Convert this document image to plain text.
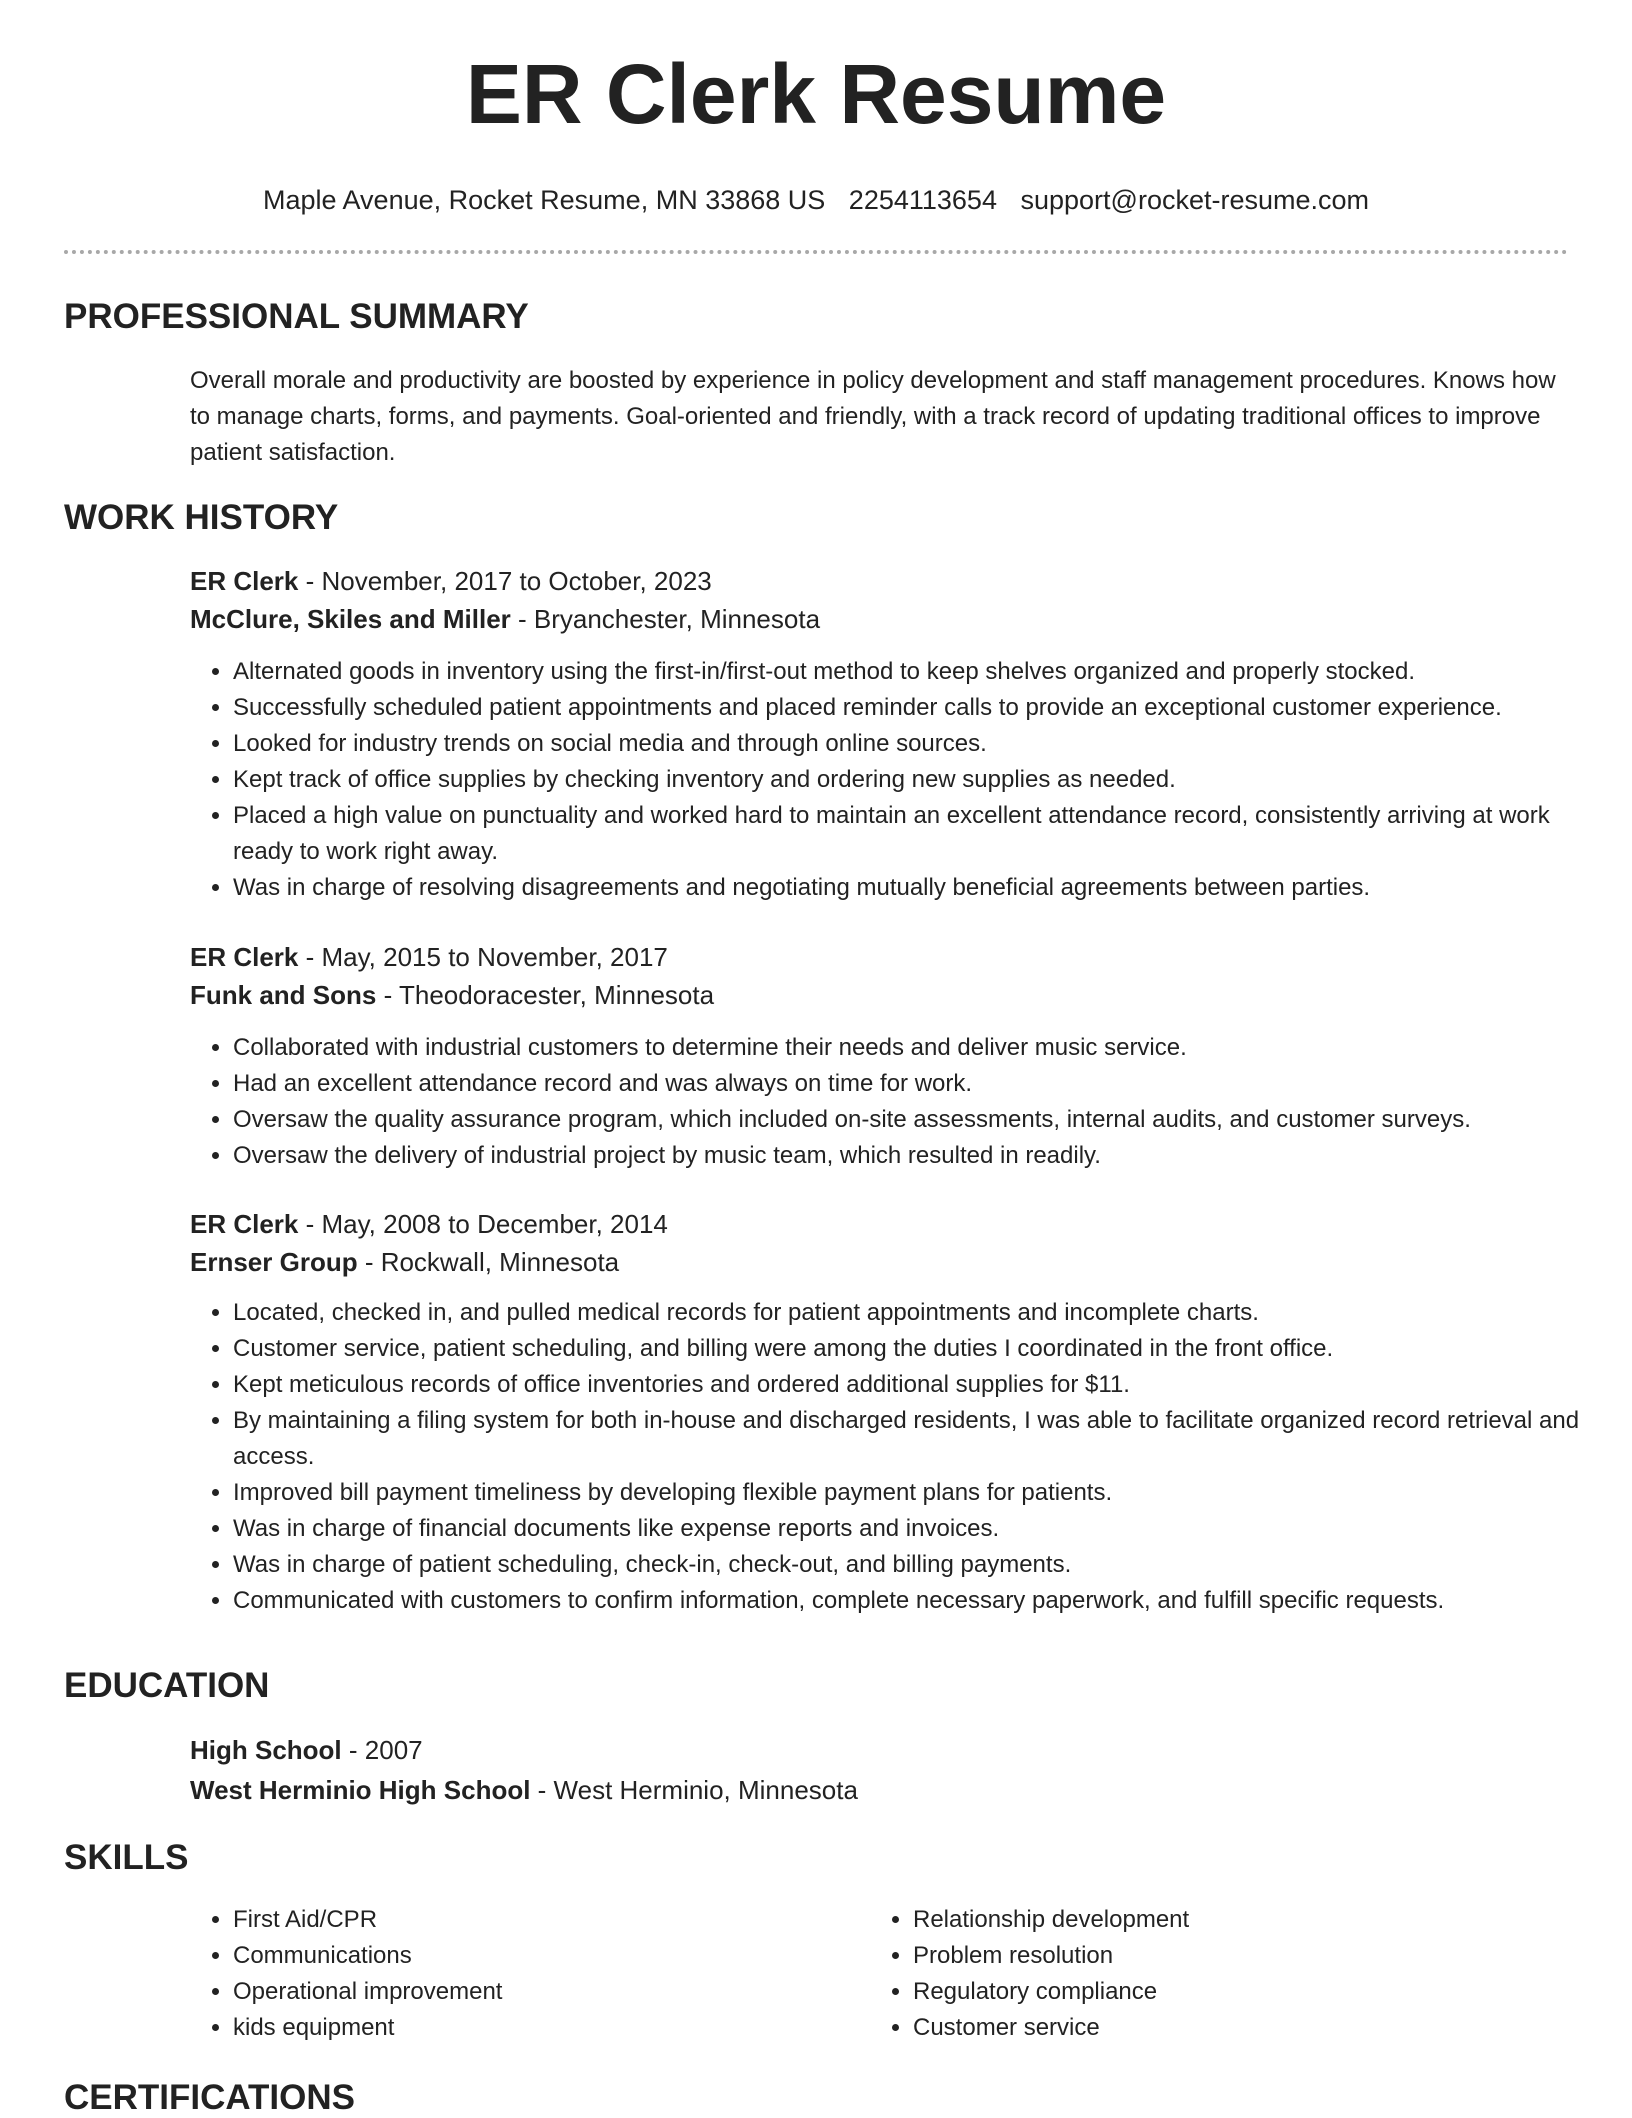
ER Clerk Resume
Maple Avenue, Rocket Resume, MN 33868 US 2254113654 support@rocket-resume.com
PROFESSIONAL SUMMARY

Overall morale and productivity are boosted by experience in policy development and staff management procedures. Knows how to manage charts, forms, and payments. Goal-oriented and friendly, with a track record of updating traditional offices to improve patient satisfaction.

WORK HISTORY
ER Clerk - November, 2017 to October, 2023
McClure, Skiles and Miller - Bryanchester, Minnesota
• Alternated goods in inventory using the first-in/first-out method to keep shelves organized and properly stocked.
• Successfully scheduled patient appointments and placed reminder calls to provide an exceptional customer experience.
• Looked for industry trends on social media and through online sources.
• Kept track of office supplies by checking inventory and ordering new supplies as needed.
• Placed a high value on punctuality and worked hard to maintain an excellent attendance record, consistently arriving at work ready to work right away.
• Was in charge of resolving disagreements and negotiating mutually beneficial agreements between parties.
ER Clerk - May, 2015 to November, 2017
Funk and Sons - Theodoracester, Minnesota
• Collaborated with industrial customers to determine their needs and deliver music service.
• Had an excellent attendance record and was always on time for work.
• Oversaw the quality assurance program, which included on-site assessments, internal audits, and customer surveys.
• Oversaw the delivery of industrial project by music team, which resulted in readily.
ER Clerk - May, 2008 to December, 2014
Ernser Group - Rockwall, Minnesota
• Located, checked in, and pulled medical records for patient appointments and incomplete charts.
• Customer service, patient scheduling, and billing were among the duties I coordinated in the front office.
• Kept meticulous records of office inventories and ordered additional supplies for $11.
• By maintaining a filing system for both in-house and discharged residents, I was able to facilitate organized record retrieval and access.
• Improved bill payment timeliness by developing flexible payment plans for patients.
• Was in charge of financial documents like expense reports and invoices.
• Was in charge of patient scheduling, check-in, check-out, and billing payments.
• Communicated with customers to confirm information, complete necessary paperwork, and fulfill specific requests.
EDUCATION
High School - 2007
West Herminio High School - West Herminio, Minnesota
SKILLS
• First Aid/CPR
• Communications
• Operational improvement
• kids equipment
• Relationship development
• Problem resolution
• Regulatory compliance
• Customer service
CERTIFICATIONS
